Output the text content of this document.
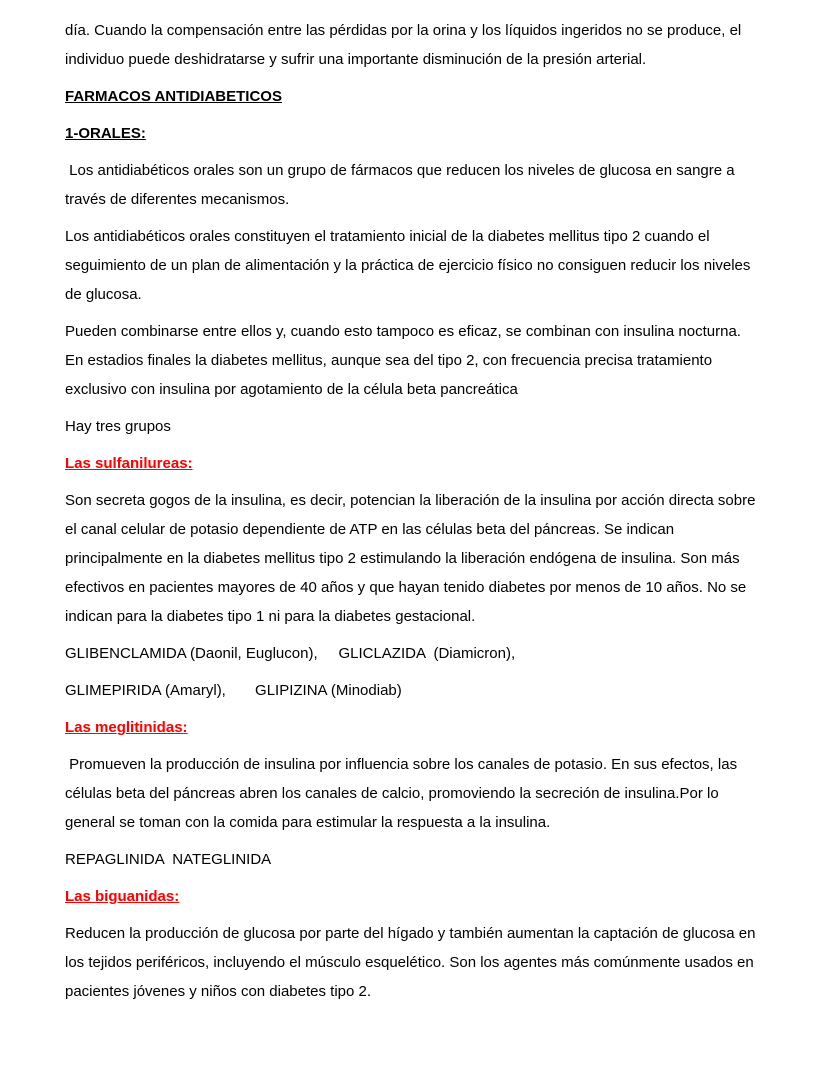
día. Cuando la compensación entre las pérdidas por la orina y los líquidos ingeridos no se produce, el individuo puede deshidratarse y sufrir una importante disminución de la presión arterial.

FARMACOS ANTIDIABETICOS

1-ORALES:

Los antidiabéticos orales son un grupo de fármacos que reducen los niveles de glucosa en sangre a través de diferentes mecanismos.

Los antidiabéticos orales constituyen el tratamiento inicial de la diabetes mellitus tipo 2 cuando el seguimiento de un plan de alimentación y la práctica de ejercicio físico no consiguen reducir los niveles de glucosa.

Pueden combinarse entre ellos y, cuando esto tampoco es eficaz, se combinan con insulina nocturna. En estadios finales la diabetes mellitus, aunque sea del tipo 2, con frecuencia precisa tratamiento exclusivo con insulina por agotamiento de la célula beta pancreática

Hay tres grupos

Las sulfanilureas:

Son secreta gogos de la insulina, es decir, potencian la liberación de la insulina por acción directa sobre el canal celular de potasio dependiente de ATP en las células beta del páncreas. Se indican principalmente en la diabetes mellitus tipo 2 estimulando la liberación endógena de insulina. Son más efectivos en pacientes mayores de 40 años y que hayan tenido diabetes por menos de 10 años. No se indican para la diabetes tipo 1 ni para la diabetes gestacional.

GLIBENCLAMIDA (Daonil, Euglucon),     GLICLAZIDA  (Diamicron),

GLIMEPIRIDA (Amaryl),       GLIPIZINA (Minodiab)

Las meglitinidas:

Promueven la producción de insulina por influencia sobre los canales de potasio. En sus efectos, las células beta del páncreas abren los canales de calcio, promoviendo la secreción de insulina.Por lo general se toman con la comida para estimular la respuesta a la insulina.

REPAGLINIDA  NATEGLINIDA

Las biguanidas:

Reducen la producción de glucosa por parte del hígado y también aumentan la captación de glucosa en los tejidos periféricos, incluyendo el músculo esquelético. Son los agentes más comúnmente usados en pacientes jóvenes y niños con diabetes tipo 2.
